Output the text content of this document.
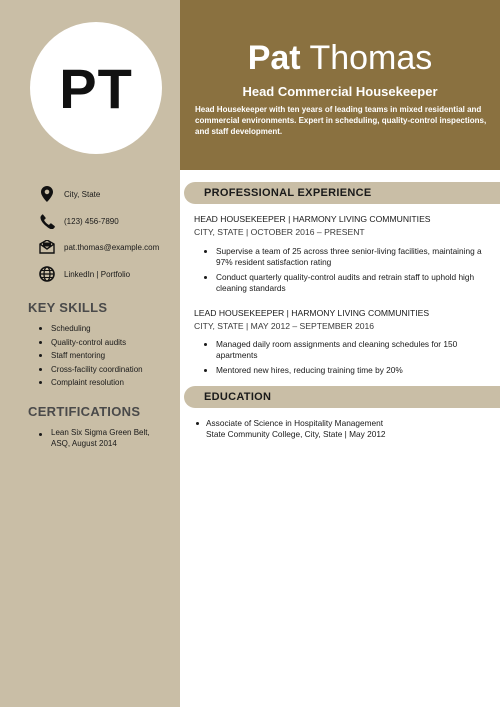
PT	Pat Thomas
Head Commercial Housekeeper
Head Housekeeper with ten years of leading teams in mixed residential and commercial environments. Expert in scheduling, quality-control inspections, and staff development.
City, State
(123) 456-7890
pat.thomas@example.com
LinkedIn | Portfolio
KEY SKILLS
Scheduling
Quality-control audits
Staff mentoring
Cross-facility coordination
Complaint resolution
CERTIFICATIONS
Lean Six Sigma Green Belt, ASQ, August 2014
PROFESSIONAL EXPERIENCE
HEAD HOUSEKEEPER | HARMONY LIVING COMMUNITIES
CITY, STATE | OCTOBER 2016 – PRESENT
Supervise a team of 25 across three senior-living facilities, maintaining a 97% resident satisfaction rating
Conduct quarterly quality-control audits and retrain staff to uphold high cleaning standards
LEAD HOUSEKEEPER | HARMONY LIVING COMMUNITIES
CITY, STATE | MAY 2012 – SEPTEMBER 2016
Managed daily room assignments and cleaning schedules for 150 apartments
Mentored new hires, reducing training time by 20%
EDUCATION
Associate of Science in Hospitality Management
State Community College, City, State | May 2012
